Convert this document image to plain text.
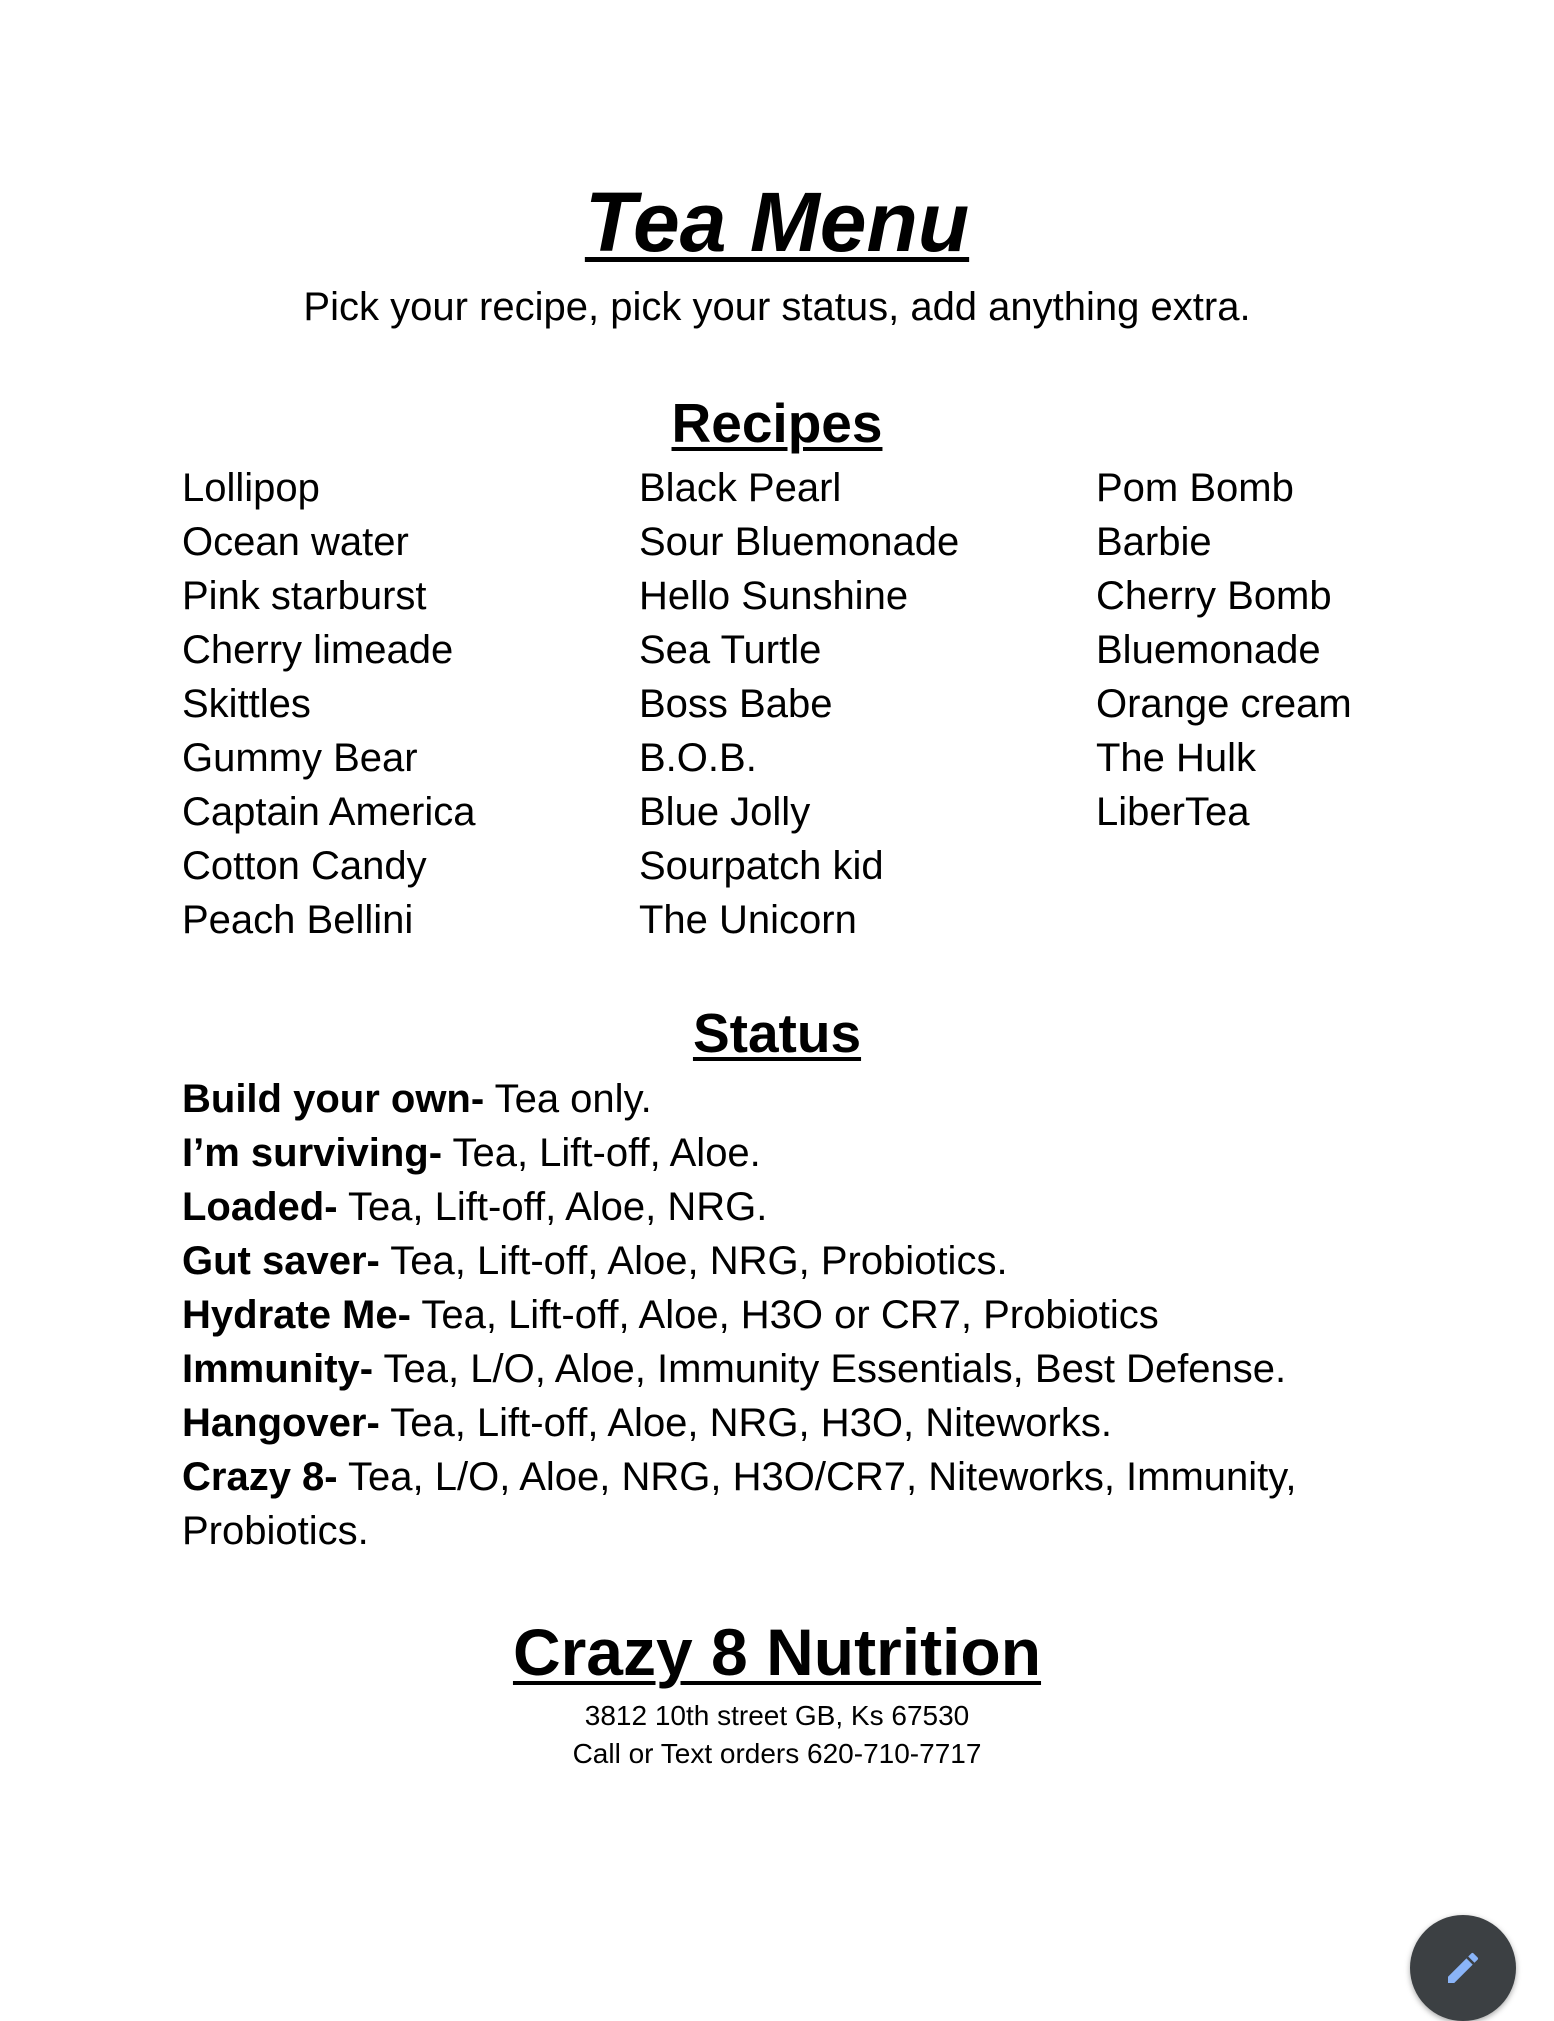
Tea Menu
Pick your recipe, pick your status, add anything extra.
Recipes
Lollipop
Ocean water
Pink starburst
Cherry limeade
Skittles
Gummy Bear
Captain America
Cotton Candy
Peach Bellini
Black Pearl
Sour Bluemonade
Hello Sunshine
Sea Turtle
Boss Babe
B.O.B.
Blue Jolly
Sourpatch kid
The Unicorn
Pom Bomb
Barbie
Cherry Bomb
Bluemonade
Orange cream
The Hulk
LiberTea
Status
Build your own- Tea only.
I’m surviving- Tea, Lift-off, Aloe.
Loaded- Tea, Lift-off, Aloe, NRG.
Gut saver- Tea, Lift-off, Aloe, NRG, Probiotics.
Hydrate Me- Tea, Lift-off, Aloe, H3O or CR7, Probiotics
Immunity- Tea, L/O, Aloe, Immunity Essentials, Best Defense.
Hangover- Tea, Lift-off, Aloe, NRG, H3O, Niteworks.
Crazy 8- Tea, L/O, Aloe, NRG, H3O/CR7, Niteworks, Immunity, Probiotics.
Crazy 8 Nutrition
3812 10th street GB, Ks 67530
Call or Text orders 620-710-7717
